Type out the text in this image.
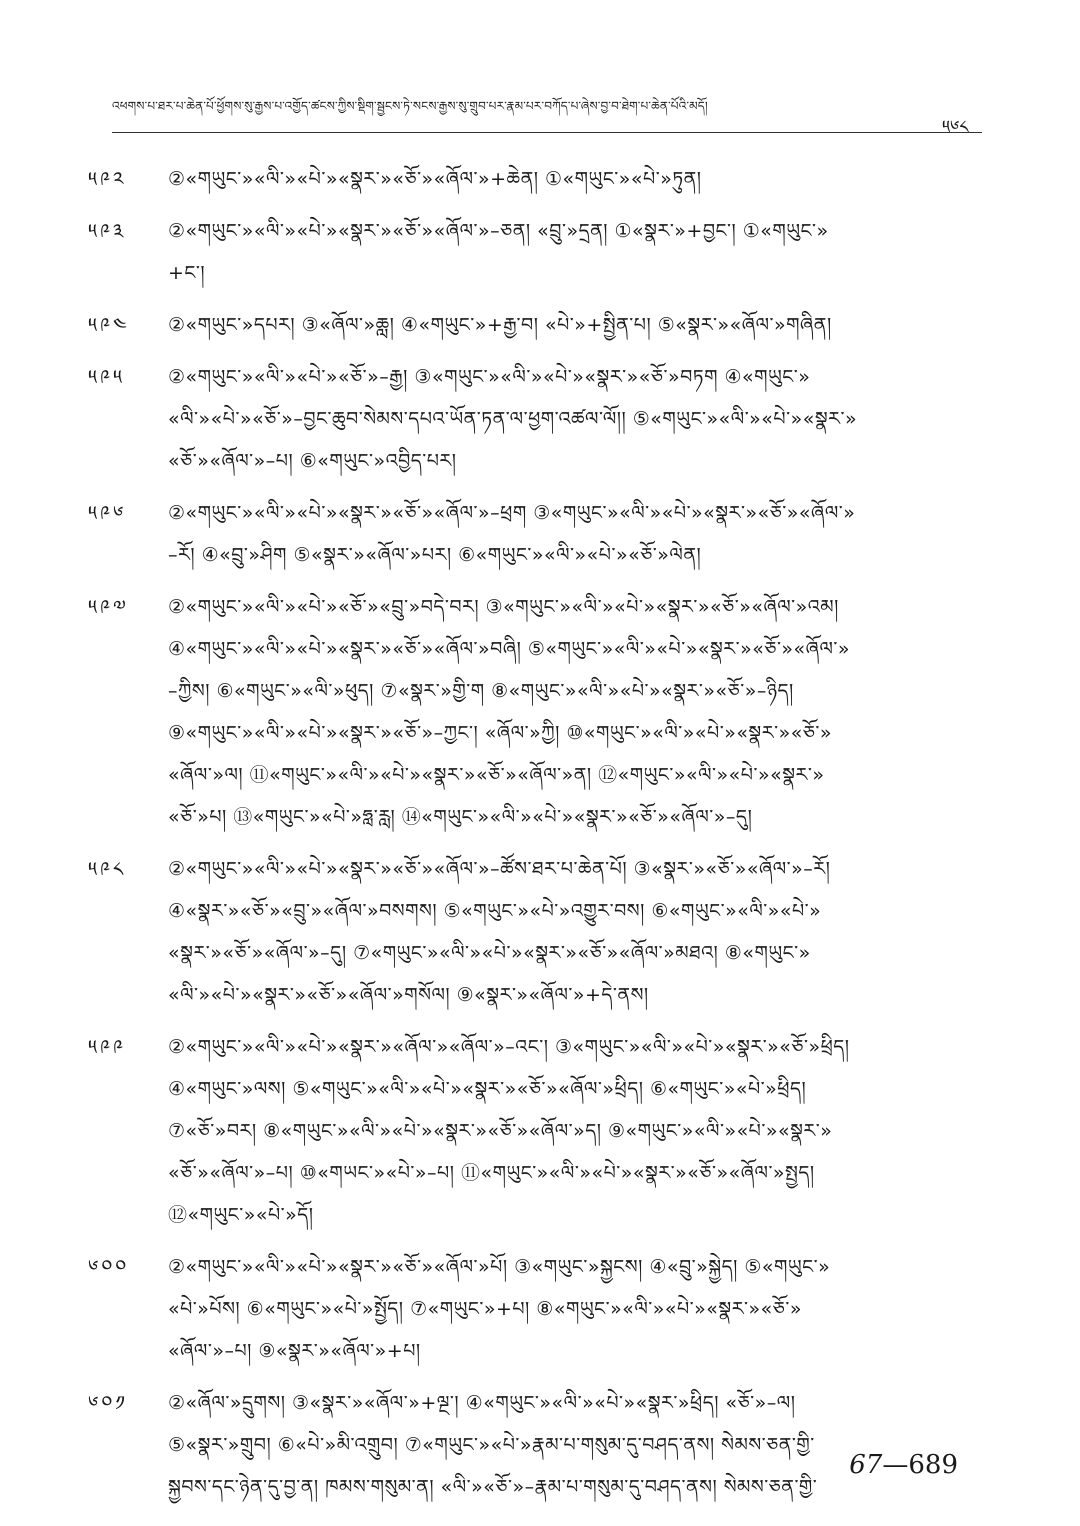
འཕགས་པ་ཐར་པ་ཆེན་པོ་ཕྱོགས་སུ་རྒྱས་པ་འགྱོད་ཚངས་ཀྱིས་སྡིག་སྦྱངས་ཏེ་སངས་རྒྱས་སུ་གྲུབ་པར་རྣམ་པར་བཀོད་པ་ཞེས་བྱ་བ་ཐེག་པ་ཆེན་པོའི་མདོ།
༥༦༨
༥༩༢	②«གཡུང་»«ལི་»«པེ་»«སྣར་»«ཅོ་»«ཞོལ་»+ཆེན། ①«གཡུང་»«པེ་»ཏུན།
༥༩༣	②«གཡུང་»«ལི་»«པེ་»«སྣར་»«ཅོ་»«ཞོལ་»–ཅན། «བྲུ་»དྲན། ①«སྣར་»+བྱང་། ①«གཡུང་»
+ང་།
༥༩༤	②«གཡུང་»དཔར། ③«ཞོལ་»ཆླ། ④«གཡུང་»+རྒྱ་བ། «པེ་»+སྤྱིན་པ། ⑤«སྣར་»«ཞོལ་»གཞིན།
༥༩༥	②«གཡུང་»«ལི་»«པེ་»«ཅོ་»–རྒྱ། ③«གཡུང་»«ལི་»«པེ་»«སྣར་»«ཅོ་»བཏག ④«གཡུང་»
«ལི་»«པེ་»«ཅོ་»–བྱང་ཆུབ་སེམས་དཔའ་ཡོན་ཏན་ལ་ཕྱག་འཚལ་ལོ།། ⑤«གཡུང་»«ལི་»«པེ་»«སྣར་»
«ཅོ་»«ཞོལ་»–པ། ⑥«གཡུང་»འབྱིད་པར།
༥༩༦	②«གཡུང་»«ལི་»«པེ་»«སྣར་»«ཅོ་»«ཞོལ་»–ཕྲག ③«གཡུང་»«ལི་»«པེ་»«སྣར་»«ཅོ་»«ཞོལ་»
–རོ། ④«བྲུ་»ཤིག ⑤«སྣར་»«ཞོལ་»པར། ⑥«གཡུང་»«ལི་»«པེ་»«ཅོ་»ལེན།
༥༩༧	②«གཡུང་»«ལི་»«པེ་»«ཅོ་»«བྲུ་»བདེ་བར། ③«གཡུང་»«ལི་»«པེ་»«སྣར་»«ཅོ་»«ཞོལ་»འམ།
④«གཡུང་»«ལི་»«པེ་»«སྣར་»«ཅོ་»«ཞོལ་»བཞི། ⑤«གཡུང་»«ལི་»«པེ་»«སྣར་»«ཅོ་»«ཞོལ་»
–ཀྱིས། ⑥«གཡུང་»«ལི་»ཕུད། ⑦«སྣར་»གྱི་ག ⑧«གཡུང་»«ལི་»«པེ་»«སྣར་»«ཅོ་»–ཉིད།
⑨«གཡུང་»«ལི་»«པེ་»«སྣར་»«ཅོ་»–ཀྱང་། «ཞོལ་»ཀྱི། ⑩«གཡུང་»«ལི་»«པེ་»«སྣར་»«ཅོ་»
«ཞོལ་»ལ། ⑪«གཡུང་»«ལི་»«པེ་»«སྣར་»«ཅོ་»«ཞོལ་»ན། ⑫«གཡུང་»«ལི་»«པེ་»«སྣར་»
«ཅོ་»པ། ⑬«གཡུང་»«པེ་»ཧླ་རླ། ⑭«གཡུང་»«ལི་»«པེ་»«སྣར་»«ཅོ་»«ཞོལ་»–དུ།
༥༩༨	②«གཡུང་»«ལི་»«པེ་»«སྣར་»«ཅོ་»«ཞོལ་»–ཚོས་ཐར་པ་ཆེན་པོ། ③«སྣར་»«ཅོ་»«ཞོལ་»–རོ།
④«སྣར་»«ཅོ་»«བྲུ་»«ཞོལ་»བསགས། ⑤«གཡུང་»«པེ་»འགྱུར་བས། ⑥«གཡུང་»«ལི་»«པེ་»
«སྣར་»«ཅོ་»«ཞོལ་»–དུ། ⑦«གཡུང་»«ལི་»«པེ་»«སྣར་»«ཅོ་»«ཞོལ་»མཐའ། ⑧«གཡུང་»
«ལི་»«པེ་»«སྣར་»«ཅོ་»«ཞོལ་»གསོལ། ⑨«སྣར་»«ཞོལ་»+དེ་ནས།
༥༩༩	②«གཡུང་»«ལི་»«པེ་»«སྣར་»«ཞོལ་»«ཞོལ་»–འང་། ③«གཡུང་»«ལི་»«པེ་»«སྣར་»«ཅོ་»ཕྲིད།
④«གཡུང་»ལས། ⑤«གཡུང་»«ལི་»«པེ་»«སྣར་»«ཅོ་»«ཞོལ་»ཕྲིད། ⑥«གཡུང་»«པེ་»ཕྲིད།
⑦«ཅོ་»བར། ⑧«གཡུང་»«ལི་»«པེ་»«སྣར་»«ཅོ་»«ཞོལ་»ད། ⑨«གཡུང་»«ལི་»«པེ་»«སྣར་»
«ཅོ་»«ཞོལ་»–པ། ⑩«གཡང་»«པེ་»–པ། ⑪«གཡུང་»«ལི་»«པེ་»«སྣར་»«ཅོ་»«ཞོལ་»སྤྱད།
⑫«གཡུང་»«པེ་»དོ།
༦༠༠	②«གཡུང་»«ལི་»«པེ་»«སྣར་»«ཅོ་»«ཞོལ་»པོ། ③«གཡུང་»སྐྱངས། ④«བྲུ་»སྐྱེད། ⑤«གཡུང་»
«པེ་»པོས། ⑥«གཡུང་»«པེ་»སྤྱོད། ⑦«གཡུང་»+པ། ⑧«གཡུང་»«ལི་»«པེ་»«སྣར་»«ཅོ་»
«ཞོལ་»–པ། ⑨«སྣར་»«ཞོལ་»+པ།
༦༠༡	②«ཞོལ་»དྲུགས། ③«སྣར་»«ཞོལ་»+ལྔ་། ④«གཡུང་»«ལི་»«པེ་»«སྣར་»ཕྲིད། «ཅོ་»–ལ།
⑤«སྣར་»གྲུབ། ⑥«པེ་»མི་འགྲུབ། ⑦«གཡུང་»«པེ་»རྣམ་པ་གསུམ་དུ་བཤད་ནས། སེམས་ཅན་གྱི་
སྐྱབས་དང་ཉེན་དུ་བྱ་ན། ཁམས་གསུམ་ན། «ལི་»«ཅོ་»–རྣམ་པ་གསུམ་དུ་བཤད་ནས། སེམས་ཅན་གྱི་
67—689
